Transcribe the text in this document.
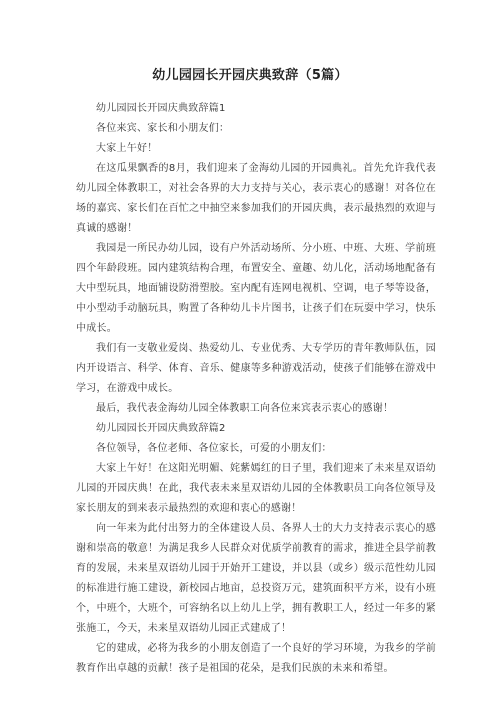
幼儿园园长开园庆典致辞（5篇）

幼儿园园长开园庆典致辞篇1

各位来宾、家长和小朋友们：

大家上午好！

在这瓜果飘香的8月，我们迎来了金海幼儿园的开园典礼。首先允许我代表幼儿园全体教职工，对社会各界的大力支持与关心，表示衷心的感谢！对各位在场的嘉宾、家长们在百忙之中抽空来参加我们的开园庆典，表示最热烈的欢迎与真诚的感谢！

我园是一所民办幼儿园，设有户外活动场所、分小班、中班、大班、学前班四个年龄段班。园内建筑结构合理，布置安全、童趣、幼儿化，活动场地配备有大中型玩具，地面铺设防滑塑胶。室内配有连网电视机、空调，电子琴等设备，中小型动手动脑玩具，购置了各种幼儿卡片图书，让孩子们在玩耍中学习，快乐中成长。

我们有一支敬业爱岗、热爱幼儿、专业优秀、大专学历的青年教师队伍，园内开设语言、科学、体育、音乐、健康等多种游戏活动，使孩子们能够在游戏中学习，在游戏中成长。

最后，我代表金海幼儿园全体教职工向各位来宾表示衷心的感谢！

幼儿园园长开园庆典致辞篇2

各位领导，各位老师、各位家长，可爱的小朋友们：

大家上午好！在这阳光明媚、姹紫嫣红的日子里，我们迎来了未来星双语幼儿园的开园庆典！在此，我代表未来星双语幼儿园的全体教职员工向各位领导及家长朋友的到来表示最热烈的欢迎和衷心的感谢！

向一年来为此付出努力的全体建设人员、各界人士的大力支持表示衷心的感谢和崇高的敬意！为满足我乡人民群众对优质学前教育的需求，推进全县学前教育的发展，未来星双语幼儿园于开始开工建设，并以县（或乡）级示范性幼儿园的标准进行施工建设，新校园占地亩，总投资万元，建筑面积平方米，设有小班个，中班个，大班个，可容纳名以上幼儿上学，拥有教职工人，经过一年多的紧张施工，今天，未来星双语幼儿园正式建成了！

它的建成，必将为我乡的小朋友创造了一个良好的学习环境，为我乡的学前教育作出卓越的贡献！孩子是祖国的花朵，是我们民族的未来和希望。
